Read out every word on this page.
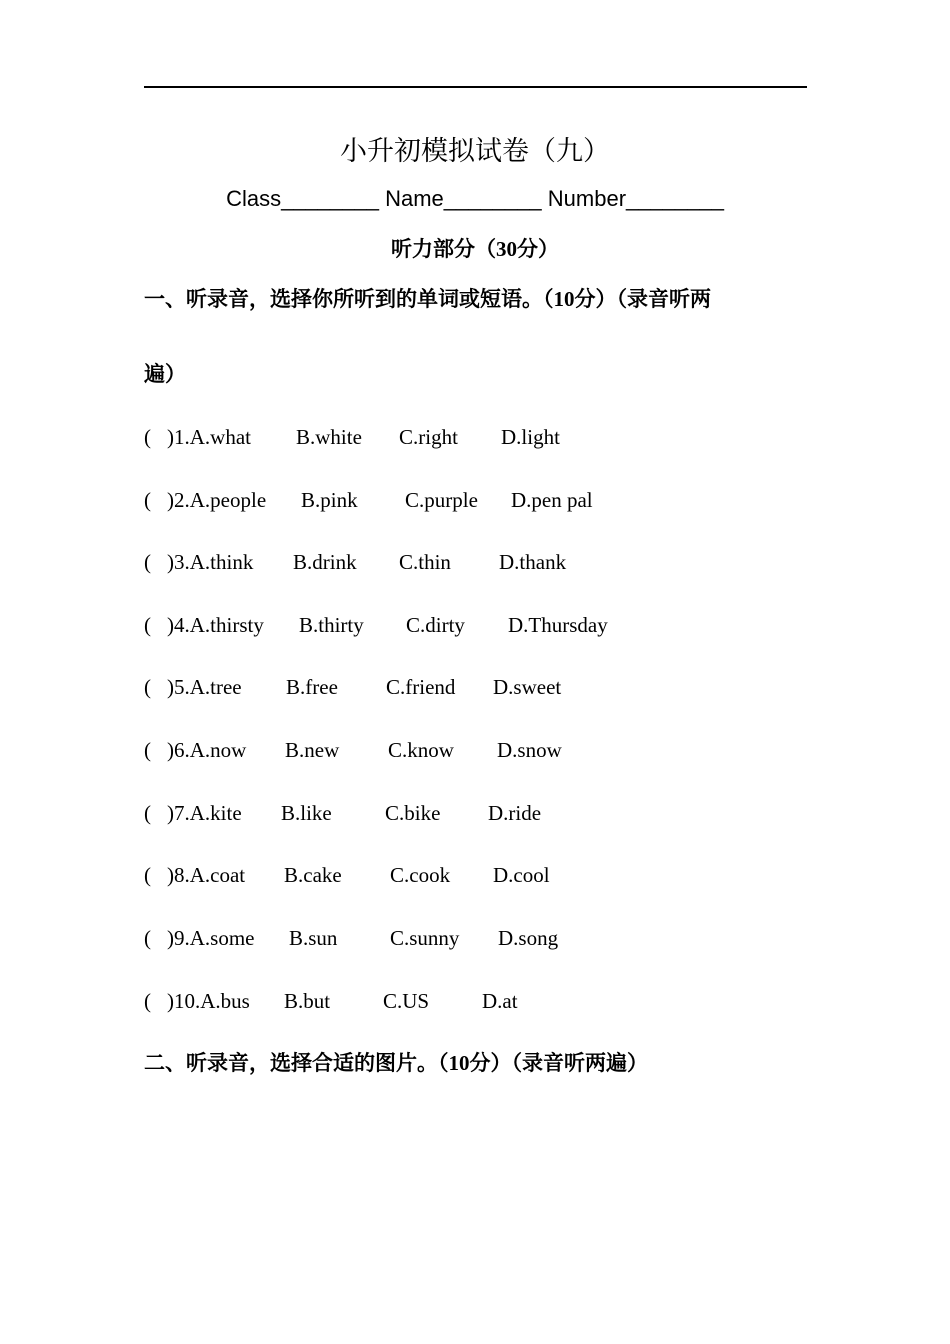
小升初模拟试卷（九）
Class________ Name________ Number________
听力部分（30分）
一、听录音，选择你所听到的单词或短语。（10分）（录音听两
遍）
( )1.A.what B.white C.right D.light
( )2.A.people B.pink C.purple D.pen pal
( )3.A.think B.drink C.thin D.thank
( )4.A.thirsty B.thirty C.dirty D.Thursday
( )5.A.tree B.free C.friend D.sweet
( )6.A.now B.new C.know D.snow
( )7.A.kite B.like	C.bike D.ride
( )8.A.coat B.cake C.cook D.cool
( )9.A.some B.sun	C.sunny D.song
( )10.A.bus B.but	C.US	D.at
二、听录音，选择合适的图片。（10分）（录音听两遍）
